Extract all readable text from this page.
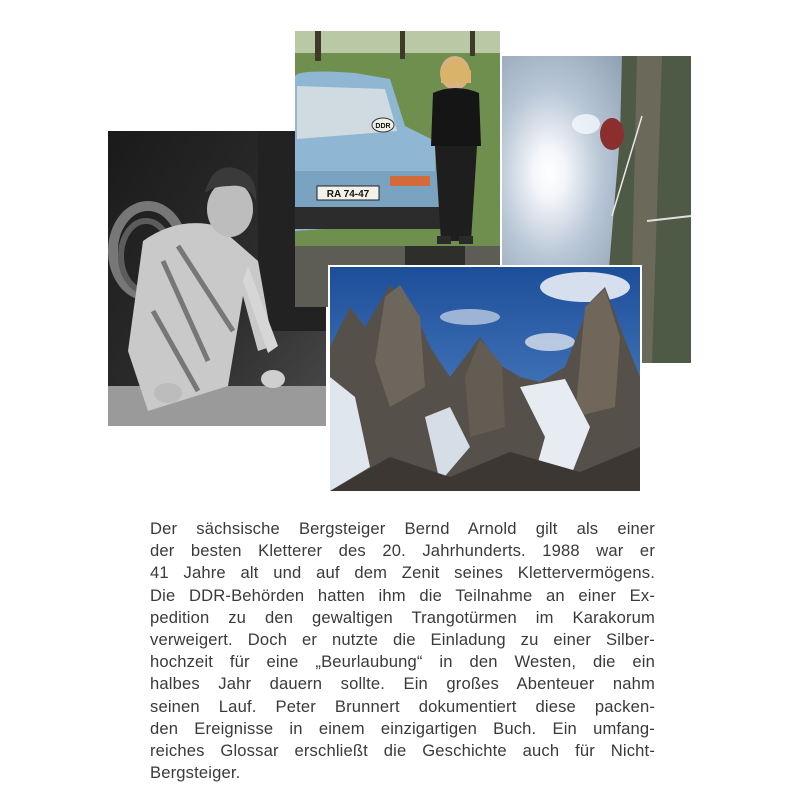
RA 74-47
DDR

Der sächsische Bergsteiger Bernd Arnold gilt als einer
der besten Kletterer des 20. Jahrhunderts. 1988 war er
41 Jahre alt und auf dem Zenit seines Klettervermögens.
Die DDR-Behörden hatten ihm die Teilnahme an einer Ex-
pedition zu den gewaltigen Trangotürmen im Karakorum
verweigert. Doch er nutzte die Einladung zu einer Silber-
hochzeit für eine „Beurlaubung“ in den Westen, die ein
halbes Jahr dauern sollte. Ein großes Abenteuer nahm
seinen Lauf. Peter Brunnert dokumentiert diese packen-
den Ereignisse in einem einzigartigen Buch. Ein umfang-
reiches Glossar erschließt die Geschichte auch für Nicht-
Bergsteiger.
